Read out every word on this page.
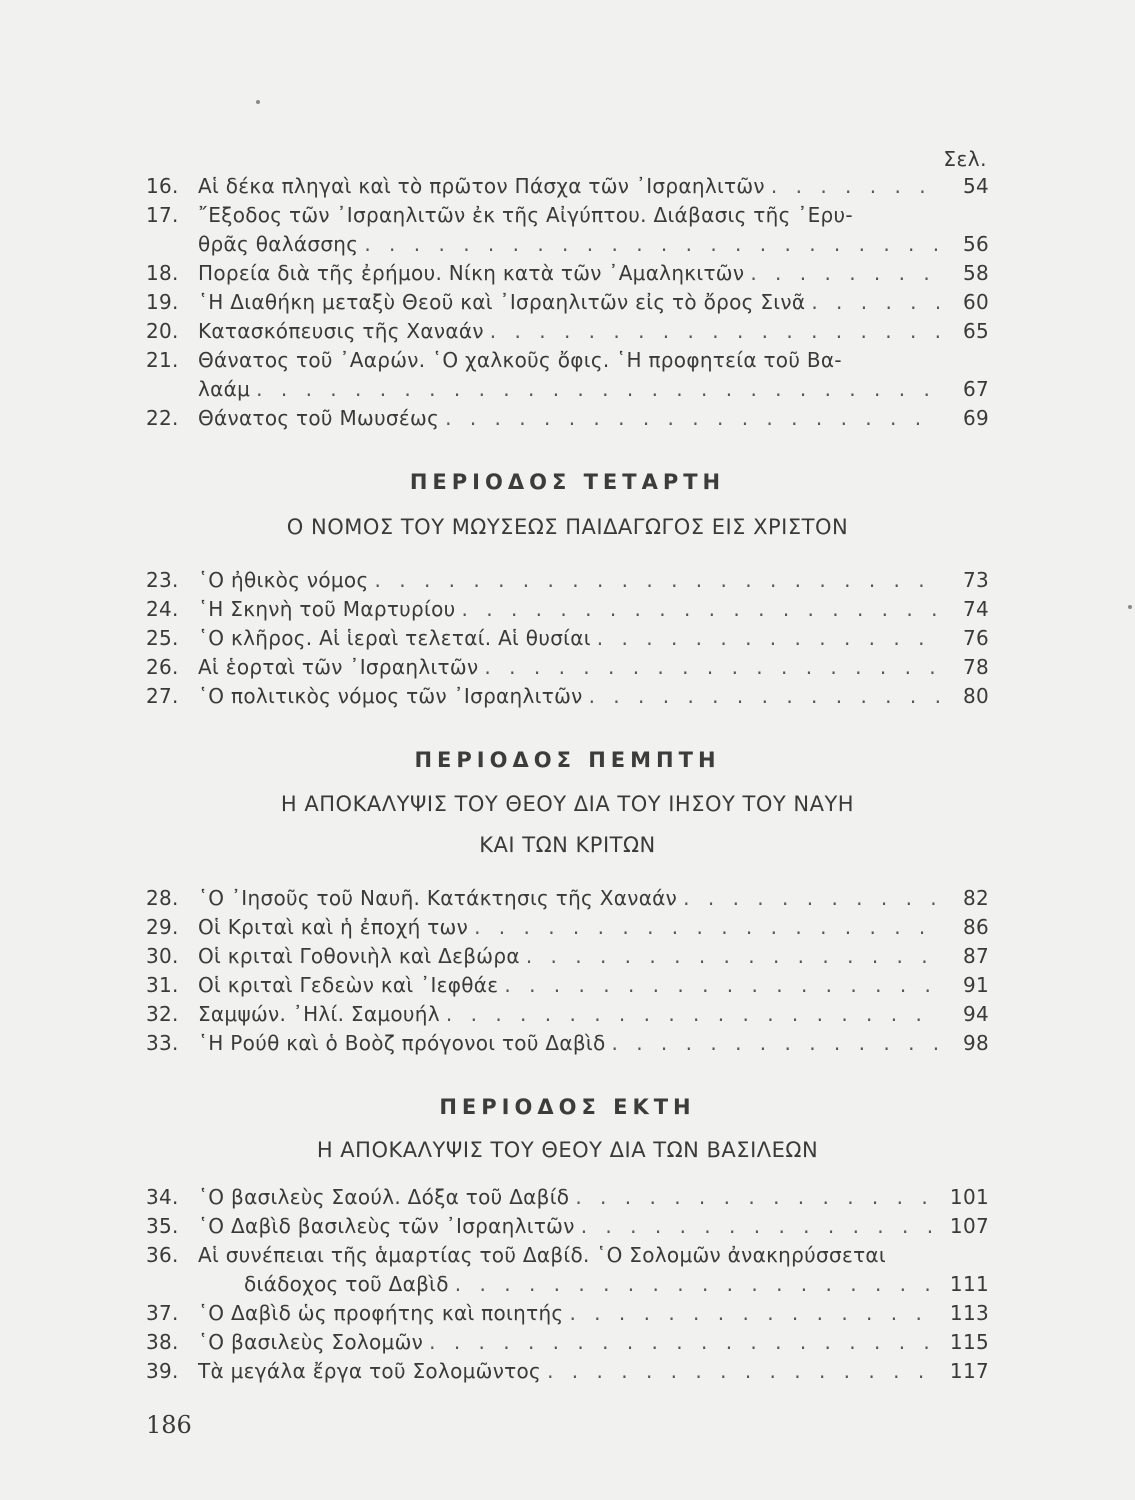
Σελ.
16. Αἱ δέκα πληγαὶ καὶ τὸ πρῶτον Πάσχα τῶν ᾿Ισραηλιτῶν . . .	54
17. ῎Εξοδος τῶν ᾿Ισραηλιτῶν ἐκ τῆς Αἰγύπτου. Διάβασις τῆς ᾿Ερυ-
θρᾶς θαλάσσης . . .	56
18. Πορεία διὰ τῆς ἐρήμου. Νίκη κατὰ τῶν ᾿Αμαληκιτῶν . . .	58
19. ῾Η Διαθήκη μεταξὺ Θεοῦ καὶ ᾿Ισραηλιτῶν εἰς τὸ ὄρος Σινᾶ . . .	60
20. Κατασκόπευσις τῆς Χαναάν . . .	65
21. Θάνατος τοῦ ᾿Ααρών. ῾Ο χαλκοῦς ὄφις. ῾Η προφητεία τοῦ Βα-
λαάμ . . .	67
22. Θάνατος τοῦ Μωυσέως . . .	69
ΠΕΡΙΟΔΟΣ ΤΕΤΑΡΤΗ
Ο ΝΟΜΟΣ ΤΟΥ ΜΩΥΣΕΩΣ ΠΑΙΔΑΓΩΓΟΣ ΕΙΣ ΧΡΙΣΤΟΝ
23. ῾Ο ἠθικὸς νόμος . . .	73
24. ῾Η Σκηνὴ τοῦ Μαρτυρίου . . .	74
25. ῾Ο κλῆρος. Αἱ ἱεραὶ τελεταί. Αἱ θυσίαι . . .	76
26. Αἱ ἑορταὶ τῶν ᾿Ισραηλιτῶν . . .	78
27. ῾Ο πολιτικὸς νόμος τῶν ᾿Ισραηλιτῶν . . .	80
ΠΕΡΙΟΔΟΣ ΠΕΜΠΤΗ
Η ΑΠΟΚΑΛΥΨΙΣ ΤΟΥ ΘΕΟΥ ΔΙΑ ΤΟΥ ΙΗΣΟΥ ΤΟΥ ΝΑΥΗ
ΚΑΙ ΤΩΝ ΚΡΙΤΩΝ
28. ῾Ο ᾿Ιησοῦς τοῦ Ναυῆ. Κατάκτησις τῆς Χαναάν . . .	82
29. Οἱ Κριταὶ καὶ ἡ ἐποχή των . . .	86
30. Οἱ κριταὶ Γοθονιὴλ καὶ Δεβώρα . . .	87
31. Οἱ κριταὶ Γεδεὼν καὶ ᾿Ιεφθάε . . .	91
32. Σαμψών. ᾿Ηλί. Σαμουήλ . . .	94
33. ῾Η Ρούθ καὶ ὁ Βοὸζ πρόγονοι τοῦ Δαβὶδ . . .	98
ΠΕΡΙΟΔΟΣ ΕΚΤΗ
Η ΑΠΟΚΑΛΥΨΙΣ ΤΟΥ ΘΕΟΥ ΔΙΑ ΤΩΝ ΒΑΣΙΛΕΩΝ
34. ῾Ο βασιλεὺς Σαούλ. Δόξα τοῦ Δαβίδ . . .	101
35. ῾Ο Δαβὶδ βασιλεὺς τῶν ᾿Ισραηλιτῶν . . .	107
36. Αἱ συνέπειαι τῆς ἁμαρτίας τοῦ Δαβίδ. ῾Ο Σολομῶν ἀνακηρύσσεται
διάδοχος τοῦ Δαβὶδ . . .	111
37. ῾Ο Δαβὶδ ὡς προφήτης καὶ ποιητής . . .	113
38. ῾Ο βασιλεὺς Σολομῶν . . .	115
39. Τὰ μεγάλα ἔργα τοῦ Σολομῶντος . . .	117
186
